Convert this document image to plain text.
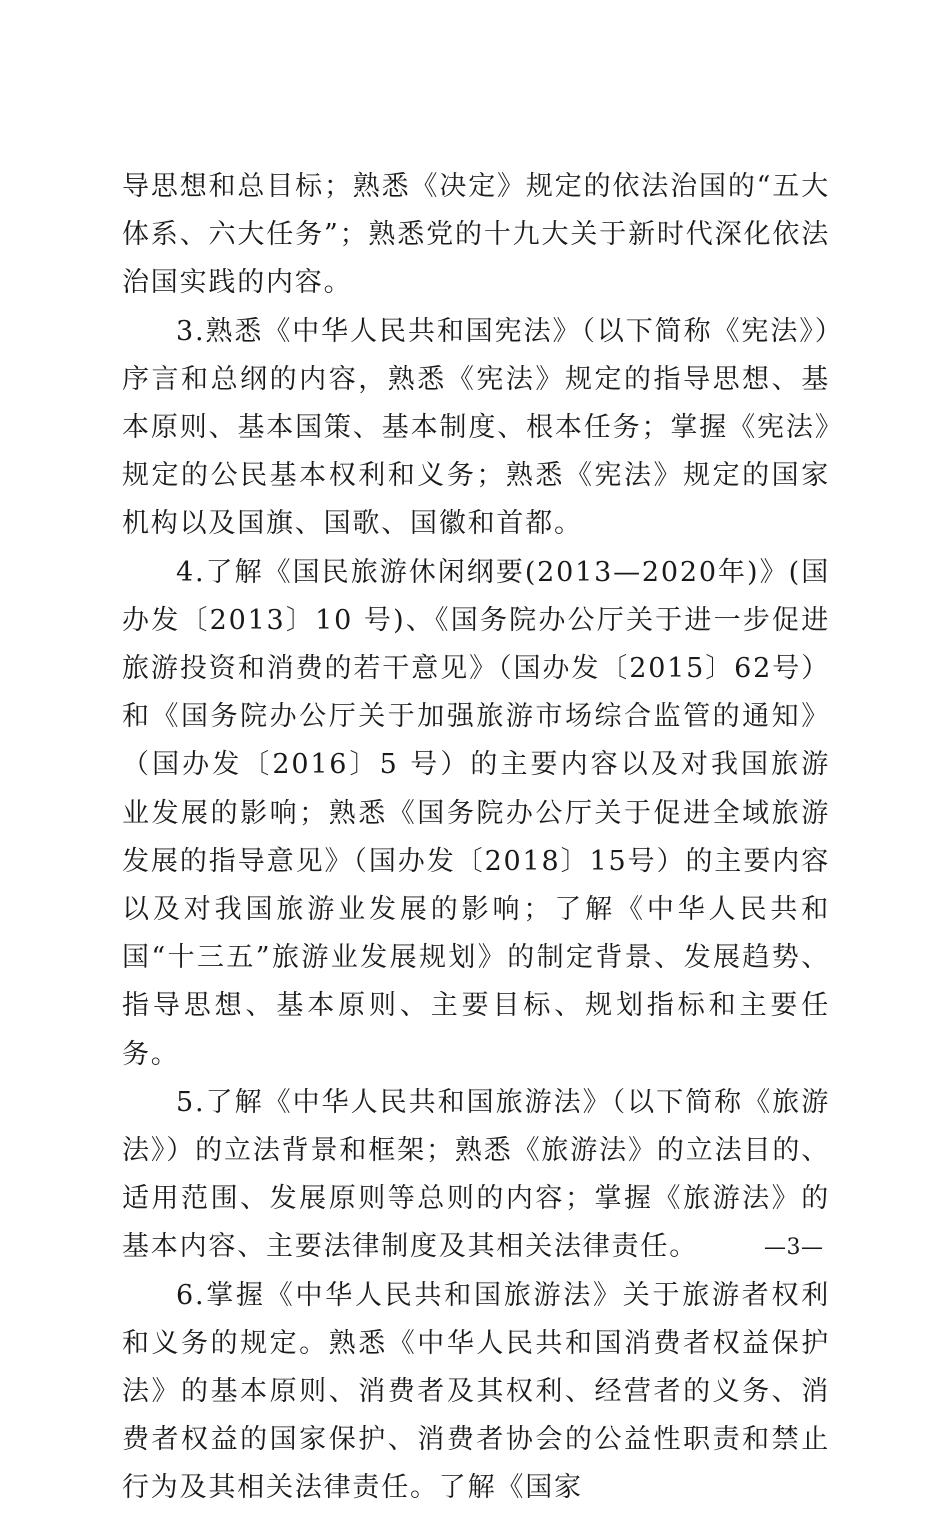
导思想和总目标；熟悉《决定》规定的依法治国的“五大体系、六大任务”；熟悉党的十九大关于新时代深化依法治国实践的内容。

3.熟悉《中华人民共和国宪法》（以下简称《宪法》）序言和总纲的内容，熟悉《宪法》规定的指导思想、基本原则、基本国策、基本制度、根本任务；掌握《宪法》规定的公民基本权利和义务；熟悉《宪法》规定的国家机构以及国旗、国歌、国徽和首都。

4.了解《国民旅游休闲纲要(2013—2020年)》(国办发〔2013〕10 号)、《国务院办公厅关于进一步促进旅游投资和消费的若干意见》（国办发〔2015〕62号）和《国务院办公厅关于加强旅游市场综合监管的通知》（国办发〔2016〕5 号）的主要内容以及对我国旅游业发展的影响；熟悉《国务院办公厅关于促进全域旅游发展的指导意见》（国办发〔2018〕15号）的主要内容以及对我国旅游业发展的影响；了解《中华人民共和国“十三五”旅游业发展规划》的制定背景、发展趋势、指导思想、基本原则、主要目标、规划指标和主要任务。

5.了解《中华人民共和国旅游法》（以下简称《旅游法》）的立法背景和框架；熟悉《旅游法》的立法目的、适用范围、发展原则等总则的内容；掌握《旅游法》的基本内容、主要法律制度及其相关法律责任。

6.掌握《中华人民共和国旅游法》关于旅游者权利和义务的规定。熟悉《中华人民共和国消费者权益保护法》的基本原则、消费者及其权利、经营者的义务、消费者权益的国家保护、消费者协会的公益性职责和禁止行为及其相关法律责任。了解《国家

—3—
